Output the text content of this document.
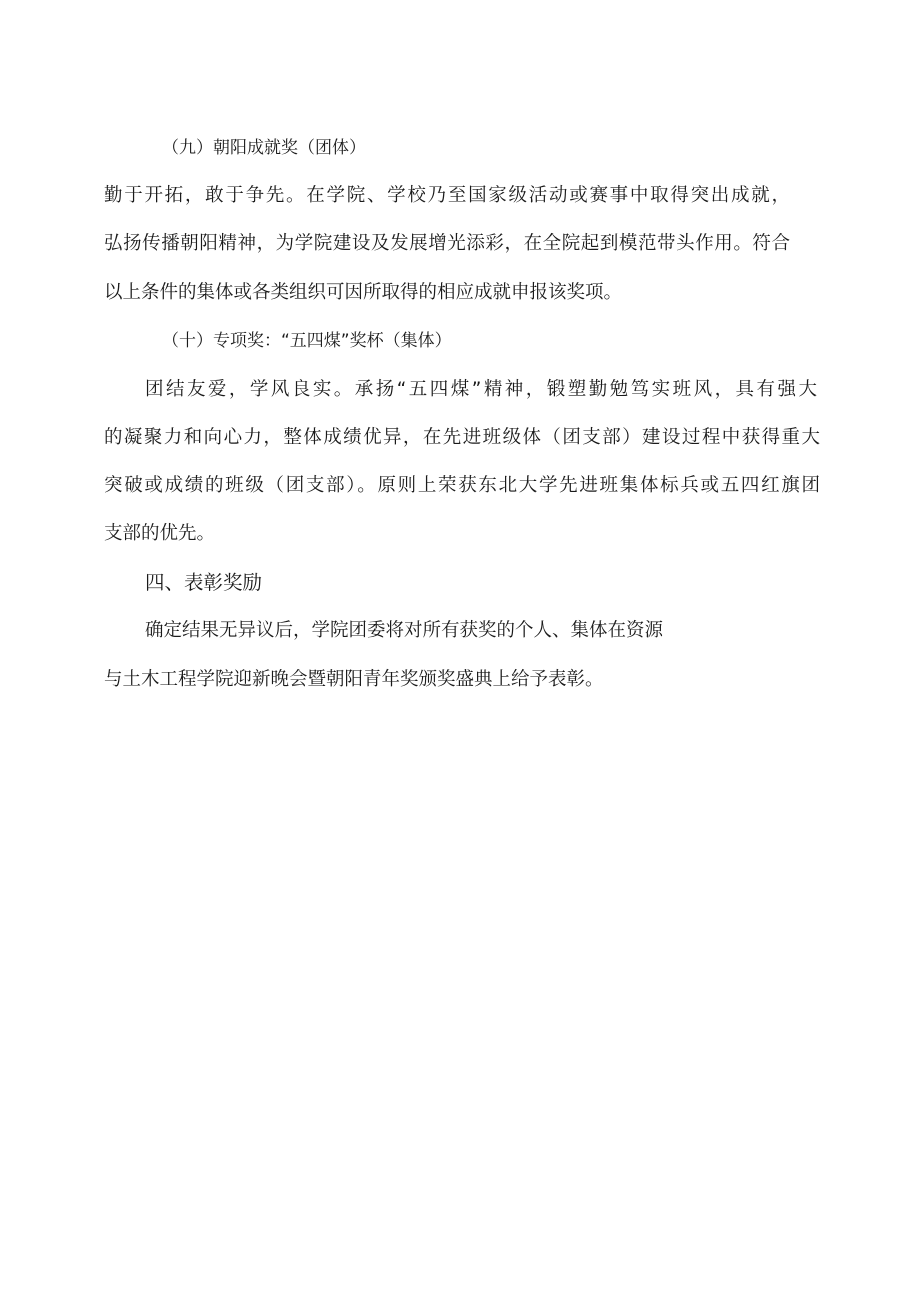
（九）朝阳成就奖（团体）
勤于开拓，敢于争先。在学院、学校乃至国家级活动或赛事中取得突出成就，
弘扬传播朝阳精神，为学院建设及发展增光添彩，在全院起到模范带头作用。符合
以上条件的集体或各类组织可因所取得的相应成就申报该奖项。
（十）专项奖：“五四煤”奖杯（集体）
团结友爱，学风良实。承扬“五四煤”精神，锻塑勤勉笃实班风，具有强大
的凝聚力和向心力，整体成绩优异，在先进班级体（团支部）建设过程中获得重大
突破或成绩的班级（团支部）。原则上荣获东北大学先进班集体标兵或五四红旗团
支部的优先。
四、表彰奖励
确定结果无异议后，学院团委将对所有获奖的个人、集体在资源
与土木工程学院迎新晚会暨朝阳青年奖颁奖盛典上给予表彰。
